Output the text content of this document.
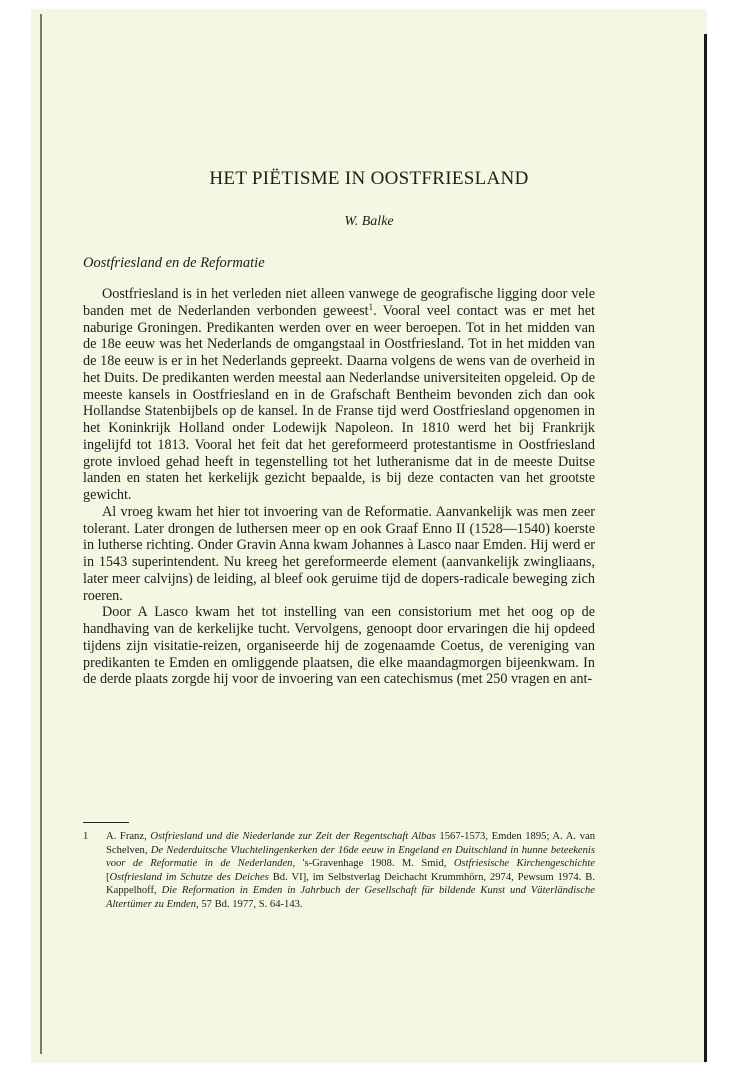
HET PIËTISME IN OOSTFRIESLAND
W. Balke
Oostfriesland en de Reformatie

Oostfriesland is in het verleden niet alleen vanwege de geografische ligging door vele banden met de Nederlanden verbonden geweest$^1$. Vooral veel contact was er met het naburige Groningen. Predikanten werden over en weer beroepen. Tot in het midden van de 18e eeuw was het Nederlands de omgangstaal in Oostfriesland. Tot in het midden van de 18e eeuw is er in het Nederlands gepreekt. Daarna volgens de wens van de overheid in het Duits. De predikanten werden meestal aan Nederlandse universiteiten opgeleid. Op de meeste kansels in Oostfriesland en in de Grafschaft Bentheim bevonden zich dan ook Hollandse Statenbijbels op de kansel. In de Franse tijd werd Oostfriesland opgenomen in het Koninkrijk Holland onder Lodewijk Napoleon. In 1810 werd het bij Frankrijk ingelijfd tot 1813. Vooral het feit dat het gereformeerd protestantisme in Oostfriesland grote invloed gehad heeft in tegenstelling tot het lutheranisme dat in de meeste Duitse landen en staten het kerkelijk gezicht bepaalde, is bij deze contacten van het grootste gewicht.

Al vroeg kwam het hier tot invoering van de Reformatie. Aanvankelijk was men zeer tolerant. Later drongen de luthersen meer op en ook Graaf Enno II (1528—1540) koerste in lutherse richting. Onder Gravin Anna kwam Johannes à Lasco naar Emden. Hij werd er in 1543 superintendent. Nu kreeg het gereformeerde element (aanvankelijk zwingliaans, later meer calvijns) de leiding, al bleef ook geruime tijd de dopers-radicale beweging zich roeren.

Door A Lasco kwam het tot instelling van een consistorium met het oog op de handhaving van de kerkelijke tucht. Vervolgens, genoopt door ervaringen die hij opdeed tijdens zijn visitatie-reizen, organiseerde hij de zogenaamde Coetus, de vereniging van predikanten te Emden en omliggende plaatsen, die elke maandagmorgen bijeenkwam. In de derde plaats zorgde hij voor de invoering van een catechismus (met 250 vragen en ant-

1 A. Franz, Ostfriesland und die Niederlande zur Zeit der Regentschaft Albas 1567-1573, Emden 1895; A. A. van Schelven, De Nederduitsche Vluchtelingenkerken der 16de eeuw in Engeland en Duitschland in hunne beteekenis voor de Reformatie in de Nederlanden, 's-Gravenhage 1908. M. Smid, Ostfriesische Kirchengeschichte [Ostfriesland im Schutze des Deiches Bd. VI], im Selbstverlag Deichacht Krummhörn, 2974, Pewsum 1974. B. Kappelhoff, Die Reformation in Emden in Jahrbuch der Gesellschaft für bildende Kunst und Väterländische Altertümer zu Emden, 57 Bd. 1977, S. 64-143.
